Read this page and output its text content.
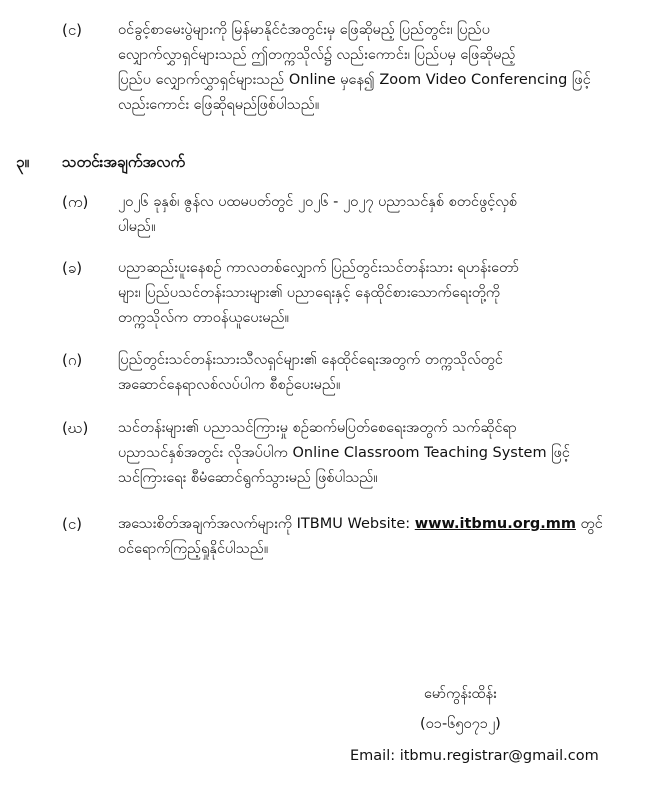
(င) ဝင်ခွင့်စာမေးပွဲများကို မြန်မာနိုင်ငံအတွင်းမှ ဖြေဆိုမည့် ပြည်တွင်း၊ ပြည်ပ
လျှောက်လွှာရှင်များသည် ဤတက္ကသိုလ်၌ လည်းကောင်း၊ ပြည်ပမှ ဖြေဆိုမည့်
ပြည်ပ လျှောက်လွှာရှင်များသည် Online မှနေ၍ Zoom Video Conferencing ဖြင့်
လည်းကောင်း ဖြေဆိုရမည်ဖြစ်ပါသည်။
၃။ သတင်းအချက်အလက်
(က) ၂၀၂၆ ခုနှစ်၊ ဇွန်လ ပထမပတ်တွင် ၂၀၂၆ - ၂၀၂၇ ပညာသင်နှစ် စတင်ဖွင့်လှစ်
ပါမည်။
(ခ) ပညာဆည်းပူးနေစဉ် ကာလတစ်လျှောက် ပြည်တွင်းသင်တန်းသား ရဟန်းတော်
များ၊ ပြည်ပသင်တန်းသားများ၏ ပညာရေးနှင့် နေထိုင်စားသောက်ရေးတို့ကို
တက္ကသိုလ်က တာဝန်ယူပေးမည်။
(ဂ) ပြည်တွင်းသင်တန်းသားသီလရှင်များ၏ နေထိုင်ရေးအတွက် တက္ကသိုလ်တွင်
အဆောင်နေရာလစ်လပ်ပါက စီစဉ်ပေးမည်။
(ဃ) သင်တန်းများ၏ ပညာသင်ကြားမှု စဉ်ဆက်မပြတ်စေရေးအတွက် သက်ဆိုင်ရာ
ပညာသင်နှစ်အတွင်း လိုအပ်ပါက Online Classroom Teaching System ဖြင့်
သင်ကြားရေး စီမံဆောင်ရွက်သွားမည် ဖြစ်ပါသည်။
(င) အသေးစိတ်အချက်အလက်များကို ITBMU Website: www.itbmu.org.mm တွင်
ဝင်ရောက်ကြည့်ရှုနိုင်ပါသည်။
မော်ကွန်းထိန်း
(၀၁-၆၅၀၇၁၂)
Email: itbmu.registrar@gmail.com
